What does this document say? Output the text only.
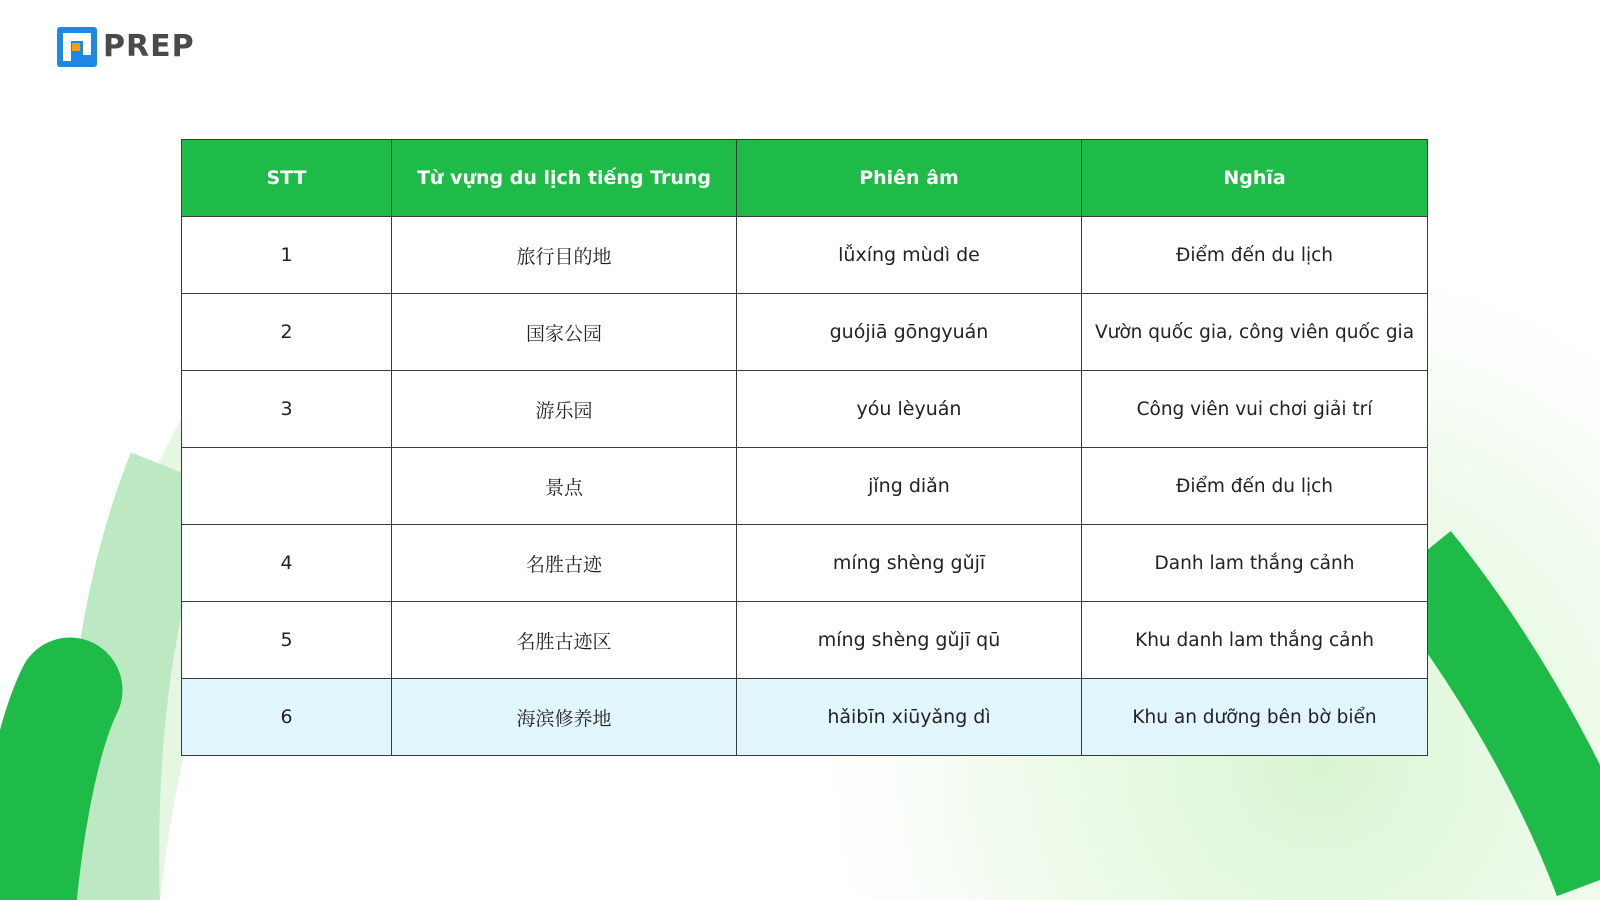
PREP
STT	Từ vựng du lịch tiếng Trung	Phiên âm	Nghĩa
1	旅行目的地	lǚxíng mùdì de	Điểm đến du lịch
2	国家公园	guójiā gōngyuán	Vườn quốc gia, công viên quốc gia
3	游乐园	yóu lèyuán	Công viên vui chơi giải trí
	景点	jǐng diǎn	Điểm đến du lịch
4	名胜古迹	míng shèng gǔjī	Danh lam thắng cảnh
5	名胜古迹区	míng shèng gǔjī qū	Khu danh lam thắng cảnh
6	海滨修养地	hǎibīn xiūyǎng dì	Khu an dưỡng bên bờ biển
